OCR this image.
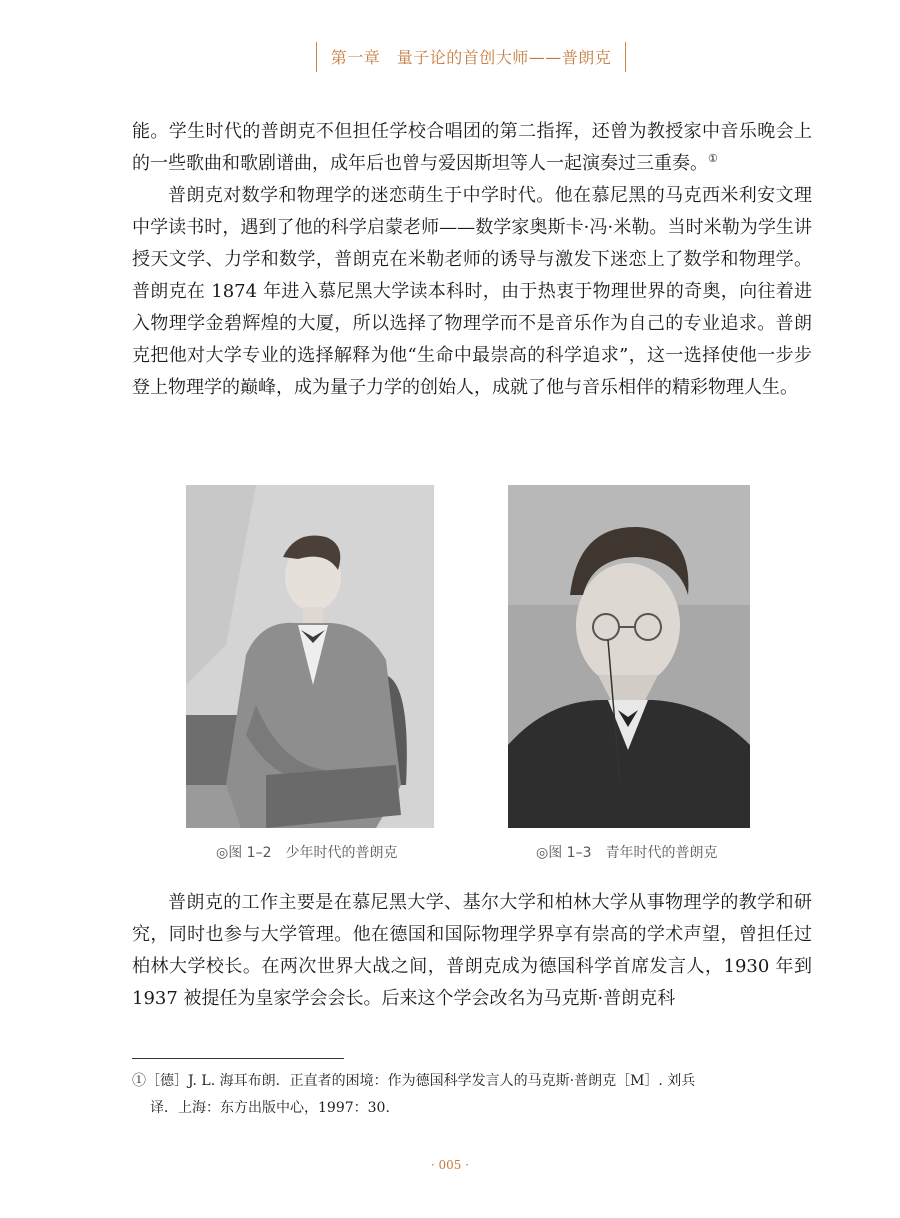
第一章　量子论的首创大师——普朗克

能。学生时代的普朗克不但担任学校合唱团的第二指挥，还曾为教授家中音乐晚会上的一些歌曲和歌剧谱曲，成年后也曾与爱因斯坦等人一起演奏过三重奏。①

普朗克对数学和物理学的迷恋萌生于中学时代。他在慕尼黑的马克西米利安文理中学读书时，遇到了他的科学启蒙老师——数学家奥斯卡·冯·米勒。当时米勒为学生讲授天文学、力学和数学，普朗克在米勒老师的诱导与激发下迷恋上了数学和物理学。普朗克在 1874 年进入慕尼黑大学读本科时，由于热衷于物理世界的奇奥，向往着进入物理学金碧辉煌的大厦，所以选择了物理学而不是音乐作为自己的专业追求。普朗克把他对大学专业的选择解释为他“生命中最崇高的科学追求”，这一选择使他一步步登上物理学的巅峰，成为量子力学的创始人，成就了他与音乐相伴的精彩物理人生。

◎图 1–2　少年时代的普朗克	◎图 1–3　青年时代的普朗克

普朗克的工作主要是在慕尼黑大学、基尔大学和柏林大学从事物理学的教学和研究，同时也参与大学管理。他在德国和国际物理学界享有崇高的学术声望，曾担任过柏林大学校长。在两次世界大战之间，普朗克成为德国科学首席发言人，1930 年到 1937 被提任为皇家学会会长。后来这个学会改名为马克斯·普朗克科

①［德］J. L. 海耳布朗．正直者的困境：作为德国科学发言人的马克斯·普朗克［M］. 刘兵
译．上海：东方出版中心，1997：30.

· 005 ·
